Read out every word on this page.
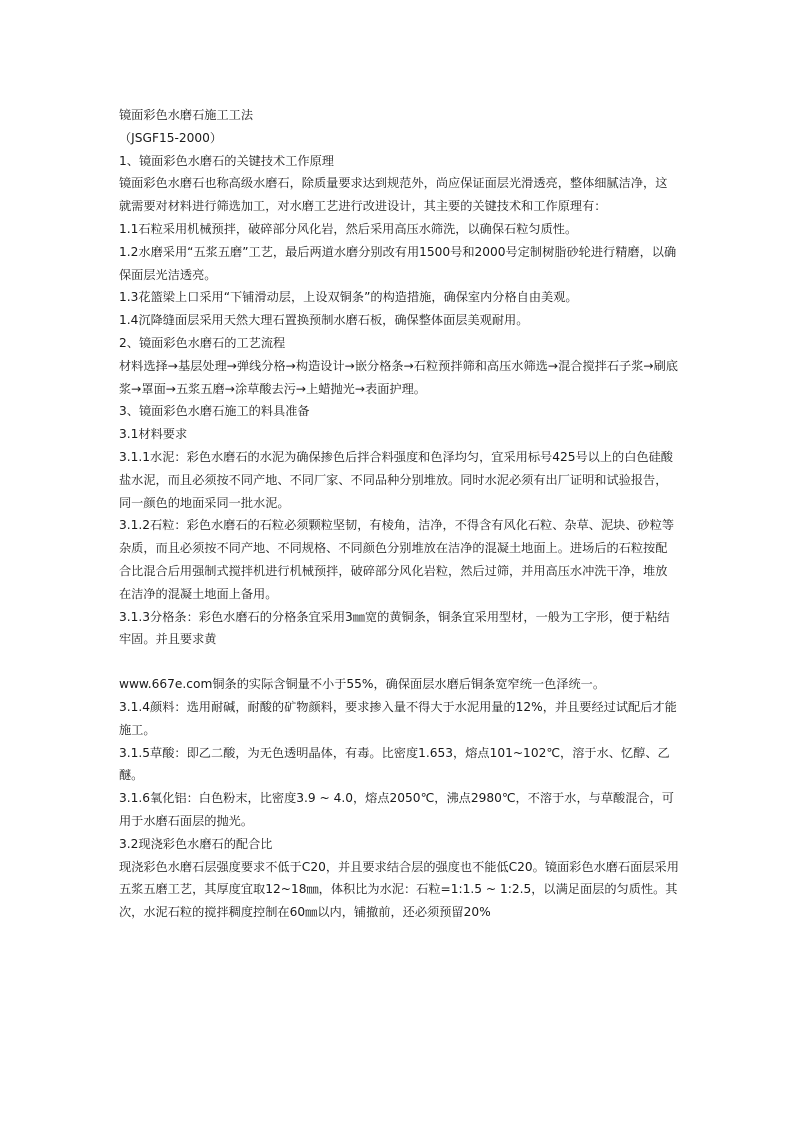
镜面彩色水磨石施工工法

（JSGF15-2000）

1、镜面彩色水磨石的关键技术工作原理

镜面彩色水磨石也称高级水磨石，除质量要求达到规范外，尚应保证面层光滑透亮，整体细腻洁净，这就需要对材料进行筛选加工，对水磨工艺进行改进设计，其主要的关键技术和工作原理有：

1.1石粒采用机械预拌，破碎部分风化岩，然后采用高压水筛洗，以确保石粒匀质性。

1.2水磨采用“五浆五磨”工艺，最后两道水磨分别改有用1500号和2000号定制树脂砂轮进行精磨，以确保面层光洁透亮。

1.3花篮梁上口采用“下铺滑动层，上设双铜条”的构造措施，确保室内分格自由美观。

1.4沉降缝面层采用天然大理石置换预制水磨石板，确保整体面层美观耐用。

2、镜面彩色水磨石的工艺流程

材料选择→基层处理→弹线分格→构造设计→嵌分格条→石粒预拌筛和高压水筛选→混合搅拌石子浆→刷底浆→罩面→五浆五磨→涂草酸去污→上蜡抛光→表面护理。

3、镜面彩色水磨石施工的料具准备

3.1材料要求

3.1.1水泥：彩色水磨石的水泥为确保掺色后拌合料强度和色泽均匀，宜采用标号425号以上的白色硅酸盐水泥，而且必须按不同产地、不同厂家、不同品种分别堆放。同时水泥必须有出厂证明和试验报告，同一颜色的地面采同一批水泥。

3.1.2石粒：彩色水磨石的石粒必须颗粒坚韧，有棱角，洁净，不得含有风化石粒、杂草、泥块、砂粒等杂质，而且必须按不同产地、不同规格、不同颜色分别堆放在洁净的混凝土地面上。进场后的石粒按配合比混合后用强制式搅拌机进行机械预拌，破碎部分风化岩粒，然后过筛，并用高压水冲洗干净，堆放在洁净的混凝土地面上备用。

3.1.3分格条：彩色水磨石的分格条宜采用3㎜宽的黄铜条，铜条宜采用型材，一般为工字形，便于粘结牢固。并且要求黄

www.667e.com铜条的实际含铜量不小于55%，确保面层水磨后铜条宽窄统一色泽统一。

3.1.4颜料：选用耐碱，耐酸的矿物颜料，要求掺入量不得大于水泥用量的12%，并且要经过试配后才能施工。

3.1.5草酸：即乙二酸，为无色透明晶体，有毒。比密度1.653，熔点101~102℃，溶于水、忆醇、乙醚。

3.1.6氧化铝：白色粉末，比密度3.9 ~ 4.0，熔点2050℃，沸点2980℃，不溶于水，与草酸混合，可用于水磨石面层的抛光。

3.2现浇彩色水磨石的配合比

现浇彩色水磨石层强度要求不低于C20，并且要求结合层的强度也不能低C20。镜面彩色水磨石面层采用五浆五磨工艺，其厚度宜取12~18㎜，体积比为水泥：石粒=1:1.5 ~ 1:2.5，以满足面层的匀质性。其次，水泥石粒的搅拌稠度控制在60㎜以内，铺撤前，还必须预留20%
